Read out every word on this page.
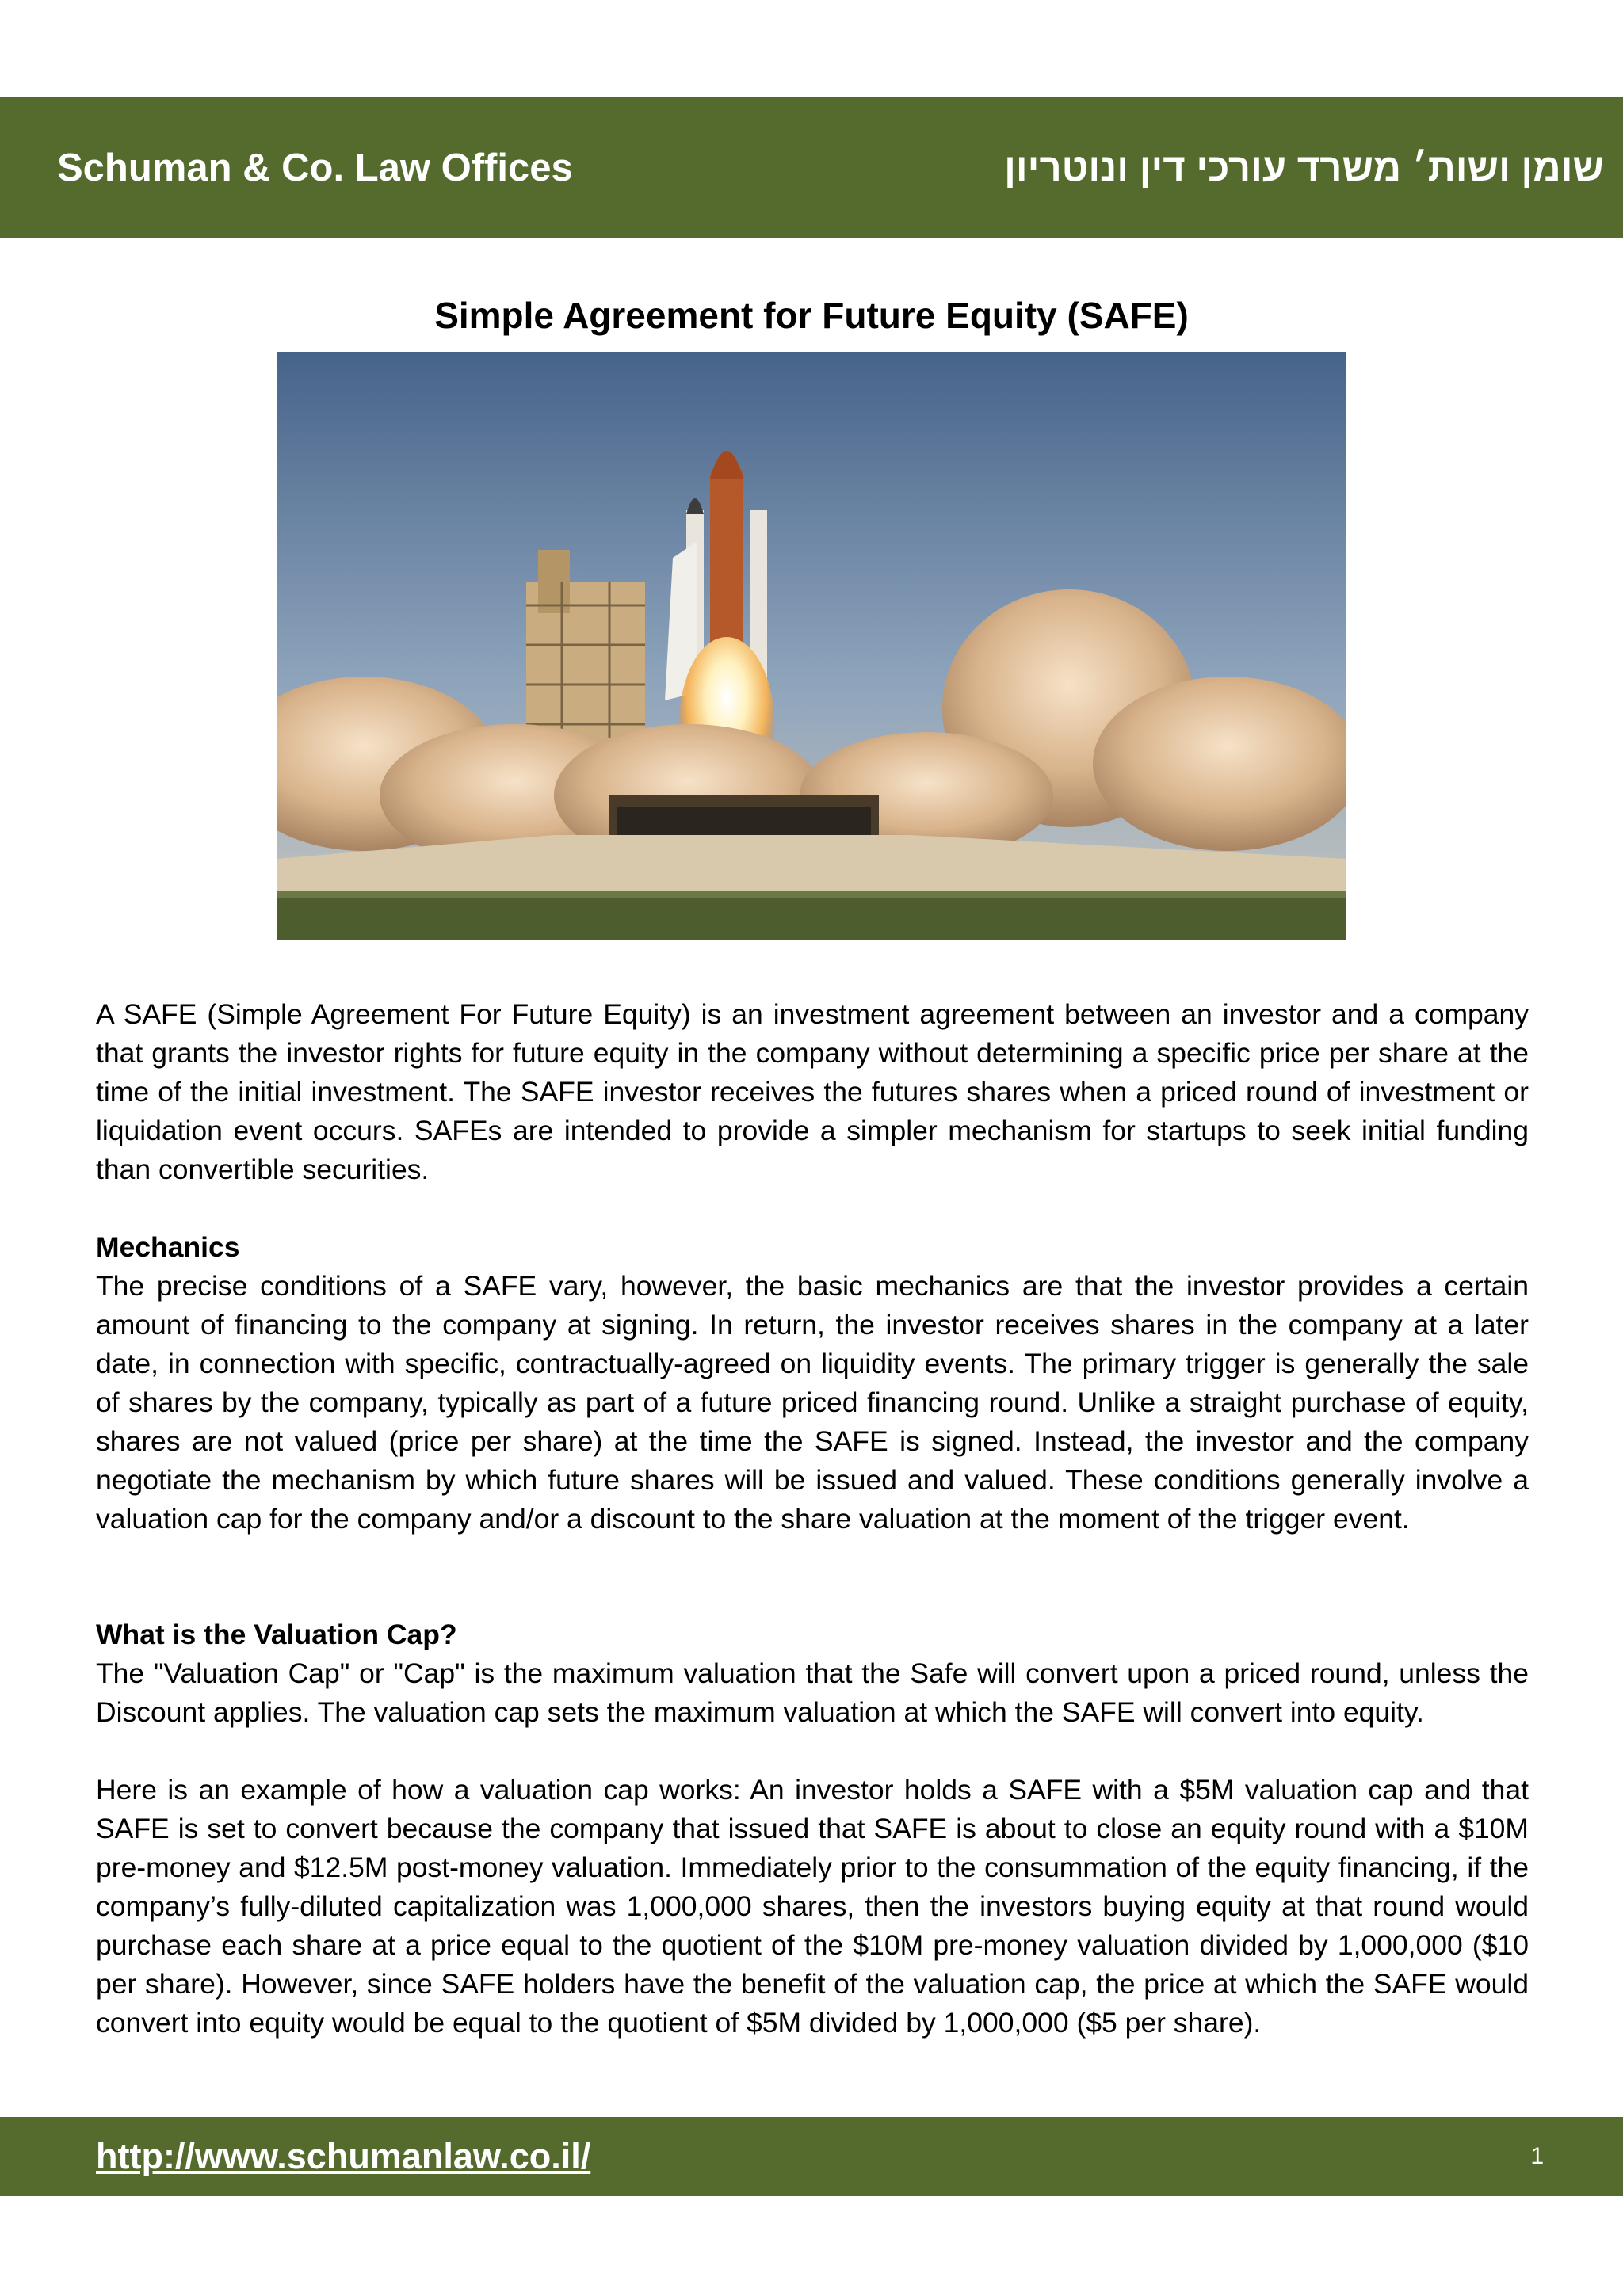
Schuman & Co. Law Offices	שומן ושות׳ משרד עורכי דין ונוטריון
Simple Agreement for Future Equity (SAFE)

A SAFE (Simple Agreement For Future Equity) is an investment agreement between an investor and a company that grants the investor rights for future equity in the company without determining a specific price per share at the time of the initial investment. The SAFE investor receives the futures shares when a priced round of investment or liquidation event occurs. SAFEs are intended to provide a simpler mechanism for startups to seek initial funding than convertible securities.

Mechanics

The precise conditions of a SAFE vary, however, the basic mechanics are that the investor provides a certain amount of financing to the company at signing. In return, the investor receives shares in the company at a later date, in connection with specific, contractually-agreed on liquidity events. The primary trigger is generally the sale of shares by the company, typically as part of a future priced financing round. Unlike a straight purchase of equity, shares are not valued (price per share) at the time the SAFE is signed. Instead, the investor and the company negotiate the mechanism by which future shares will be issued and valued. These conditions generally involve a valuation cap for the company and/or a discount to the share valuation at the moment of the trigger event.

What is the Valuation Cap?

The "Valuation Cap" or "Cap" is the maximum valuation that the Safe will convert upon a priced round, unless the Discount applies. The valuation cap sets the maximum valuation at which the SAFE will convert into equity.

Here is an example of how a valuation cap works: An investor holds a SAFE with a $5M valuation cap and that SAFE is set to convert because the company that issued that SAFE is about to close an equity round with a $10M pre-money and $12.5M post-money valuation. Immediately prior to the consummation of the equity financing, if the company’s fully-diluted capitalization was 1,000,000 shares, then the investors buying equity at that round would purchase each share at a price equal to the quotient of the $10M pre-money valuation divided by 1,000,000 ($10 per share). However, since SAFE holders have the benefit of the valuation cap, the price at which the SAFE would convert into equity would be equal to the quotient of $5M divided by 1,000,000 ($5 per share).

http://www.schumanlaw.co.il/	1
